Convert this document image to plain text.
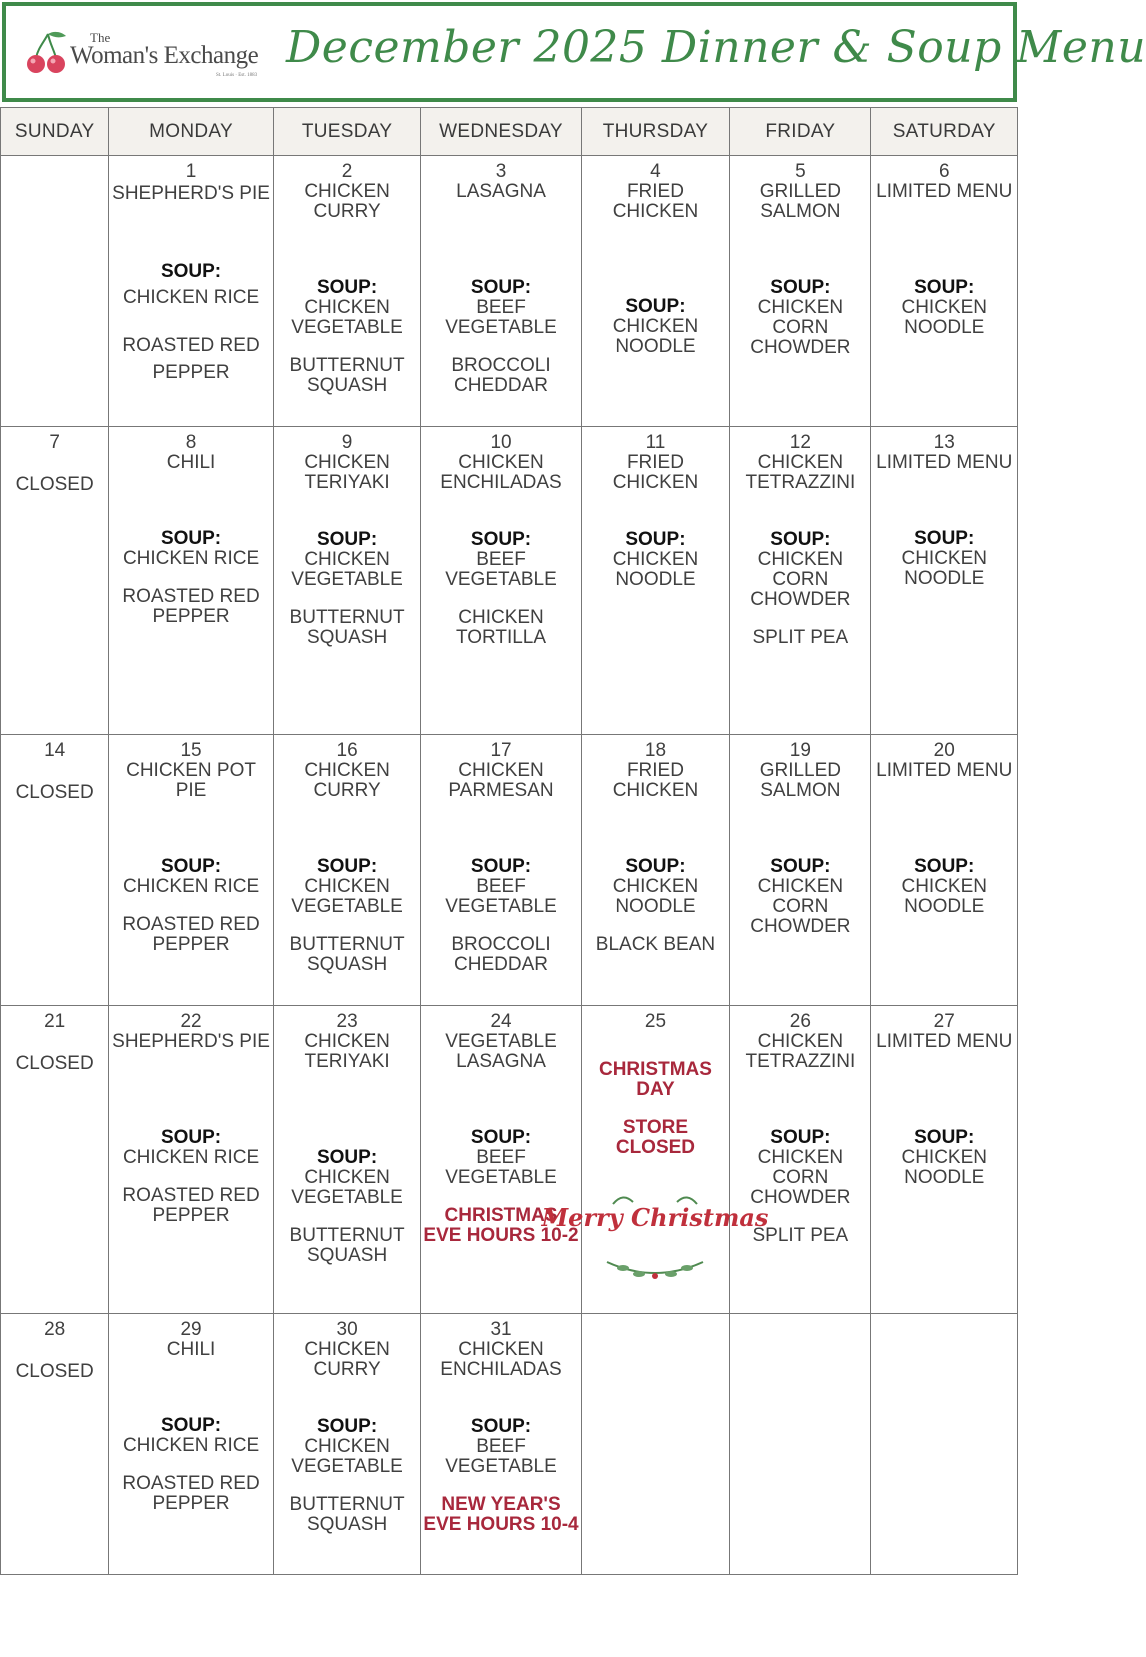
The
Woman's Exchange
St. Louis · Est. 1883
December 2025 Dinner & Soup Menu
SUNDAY	MONDAY	TUESDAY	WEDNESDAY	THURSDAY	FRIDAY	SATURDAY

	1
SHEPHERD'S PIE
SOUP:
CHICKEN RICE
ROASTED RED PEPPER	2
CHICKEN CURRY
SOUP:
CHICKEN VEGETABLE
BUTTERNUT SQUASH	3
LASAGNA
SOUP:
BEEF VEGETABLE
BROCCOLI CHEDDAR	4
FRIED CHICKEN
SOUP:
CHICKEN NOODLE	5
GRILLED SALMON
SOUP:
CHICKEN CORN CHOWDER	6
LIMITED MENU
SOUP:
CHICKEN NOODLE

7
CLOSED	8
CHILI
SOUP:
CHICKEN RICE
ROASTED RED PEPPER	9
CHICKEN TERIYAKI
SOUP:
CHICKEN VEGETABLE
BUTTERNUT SQUASH	10
CHICKEN ENCHILADAS
SOUP:
BEEF VEGETABLE
CHICKEN TORTILLA	11
FRIED CHICKEN
SOUP:
CHICKEN NOODLE	12
CHICKEN TETRAZZINI
SOUP:
CHICKEN CORN CHOWDER
SPLIT PEA	13
LIMITED MENU
SOUP:
CHICKEN NOODLE

14
CLOSED	15
CHICKEN POT PIE
SOUP:
CHICKEN RICE
ROASTED RED PEPPER	16
CHICKEN CURRY
SOUP:
CHICKEN VEGETABLE
BUTTERNUT SQUASH	17
CHICKEN PARMESAN
SOUP:
BEEF VEGETABLE
BROCCOLI CHEDDAR	18
FRIED CHICKEN
SOUP:
CHICKEN NOODLE
BLACK BEAN	19
GRILLED SALMON
SOUP:
CHICKEN CORN CHOWDER	20
LIMITED MENU
SOUP:
CHICKEN NOODLE

21
CLOSED	22
SHEPHERD'S PIE
SOUP:
CHICKEN RICE
ROASTED RED PEPPER	23
CHICKEN TERIYAKI
SOUP:
CHICKEN VEGETABLE
BUTTERNUT SQUASH	24
VEGETABLE LASAGNA
SOUP:
BEEF VEGETABLE
CHRISTMAS EVE HOURS 10-2	25
CHRISTMAS DAY
STORE CLOSED
Merry Christmas	26
CHICKEN TETRAZZINI
SOUP:
CHICKEN CORN CHOWDER
SPLIT PEA	27
LIMITED MENU
SOUP:
CHICKEN NOODLE

28
CLOSED	29
CHILI
SOUP:
CHICKEN RICE
ROASTED RED PEPPER	30
CHICKEN CURRY
SOUP:
CHICKEN VEGETABLE
BUTTERNUT SQUASH	31
CHICKEN ENCHILADAS
SOUP:
BEEF VEGETABLE
NEW YEAR'S EVE HOURS 10-4			
